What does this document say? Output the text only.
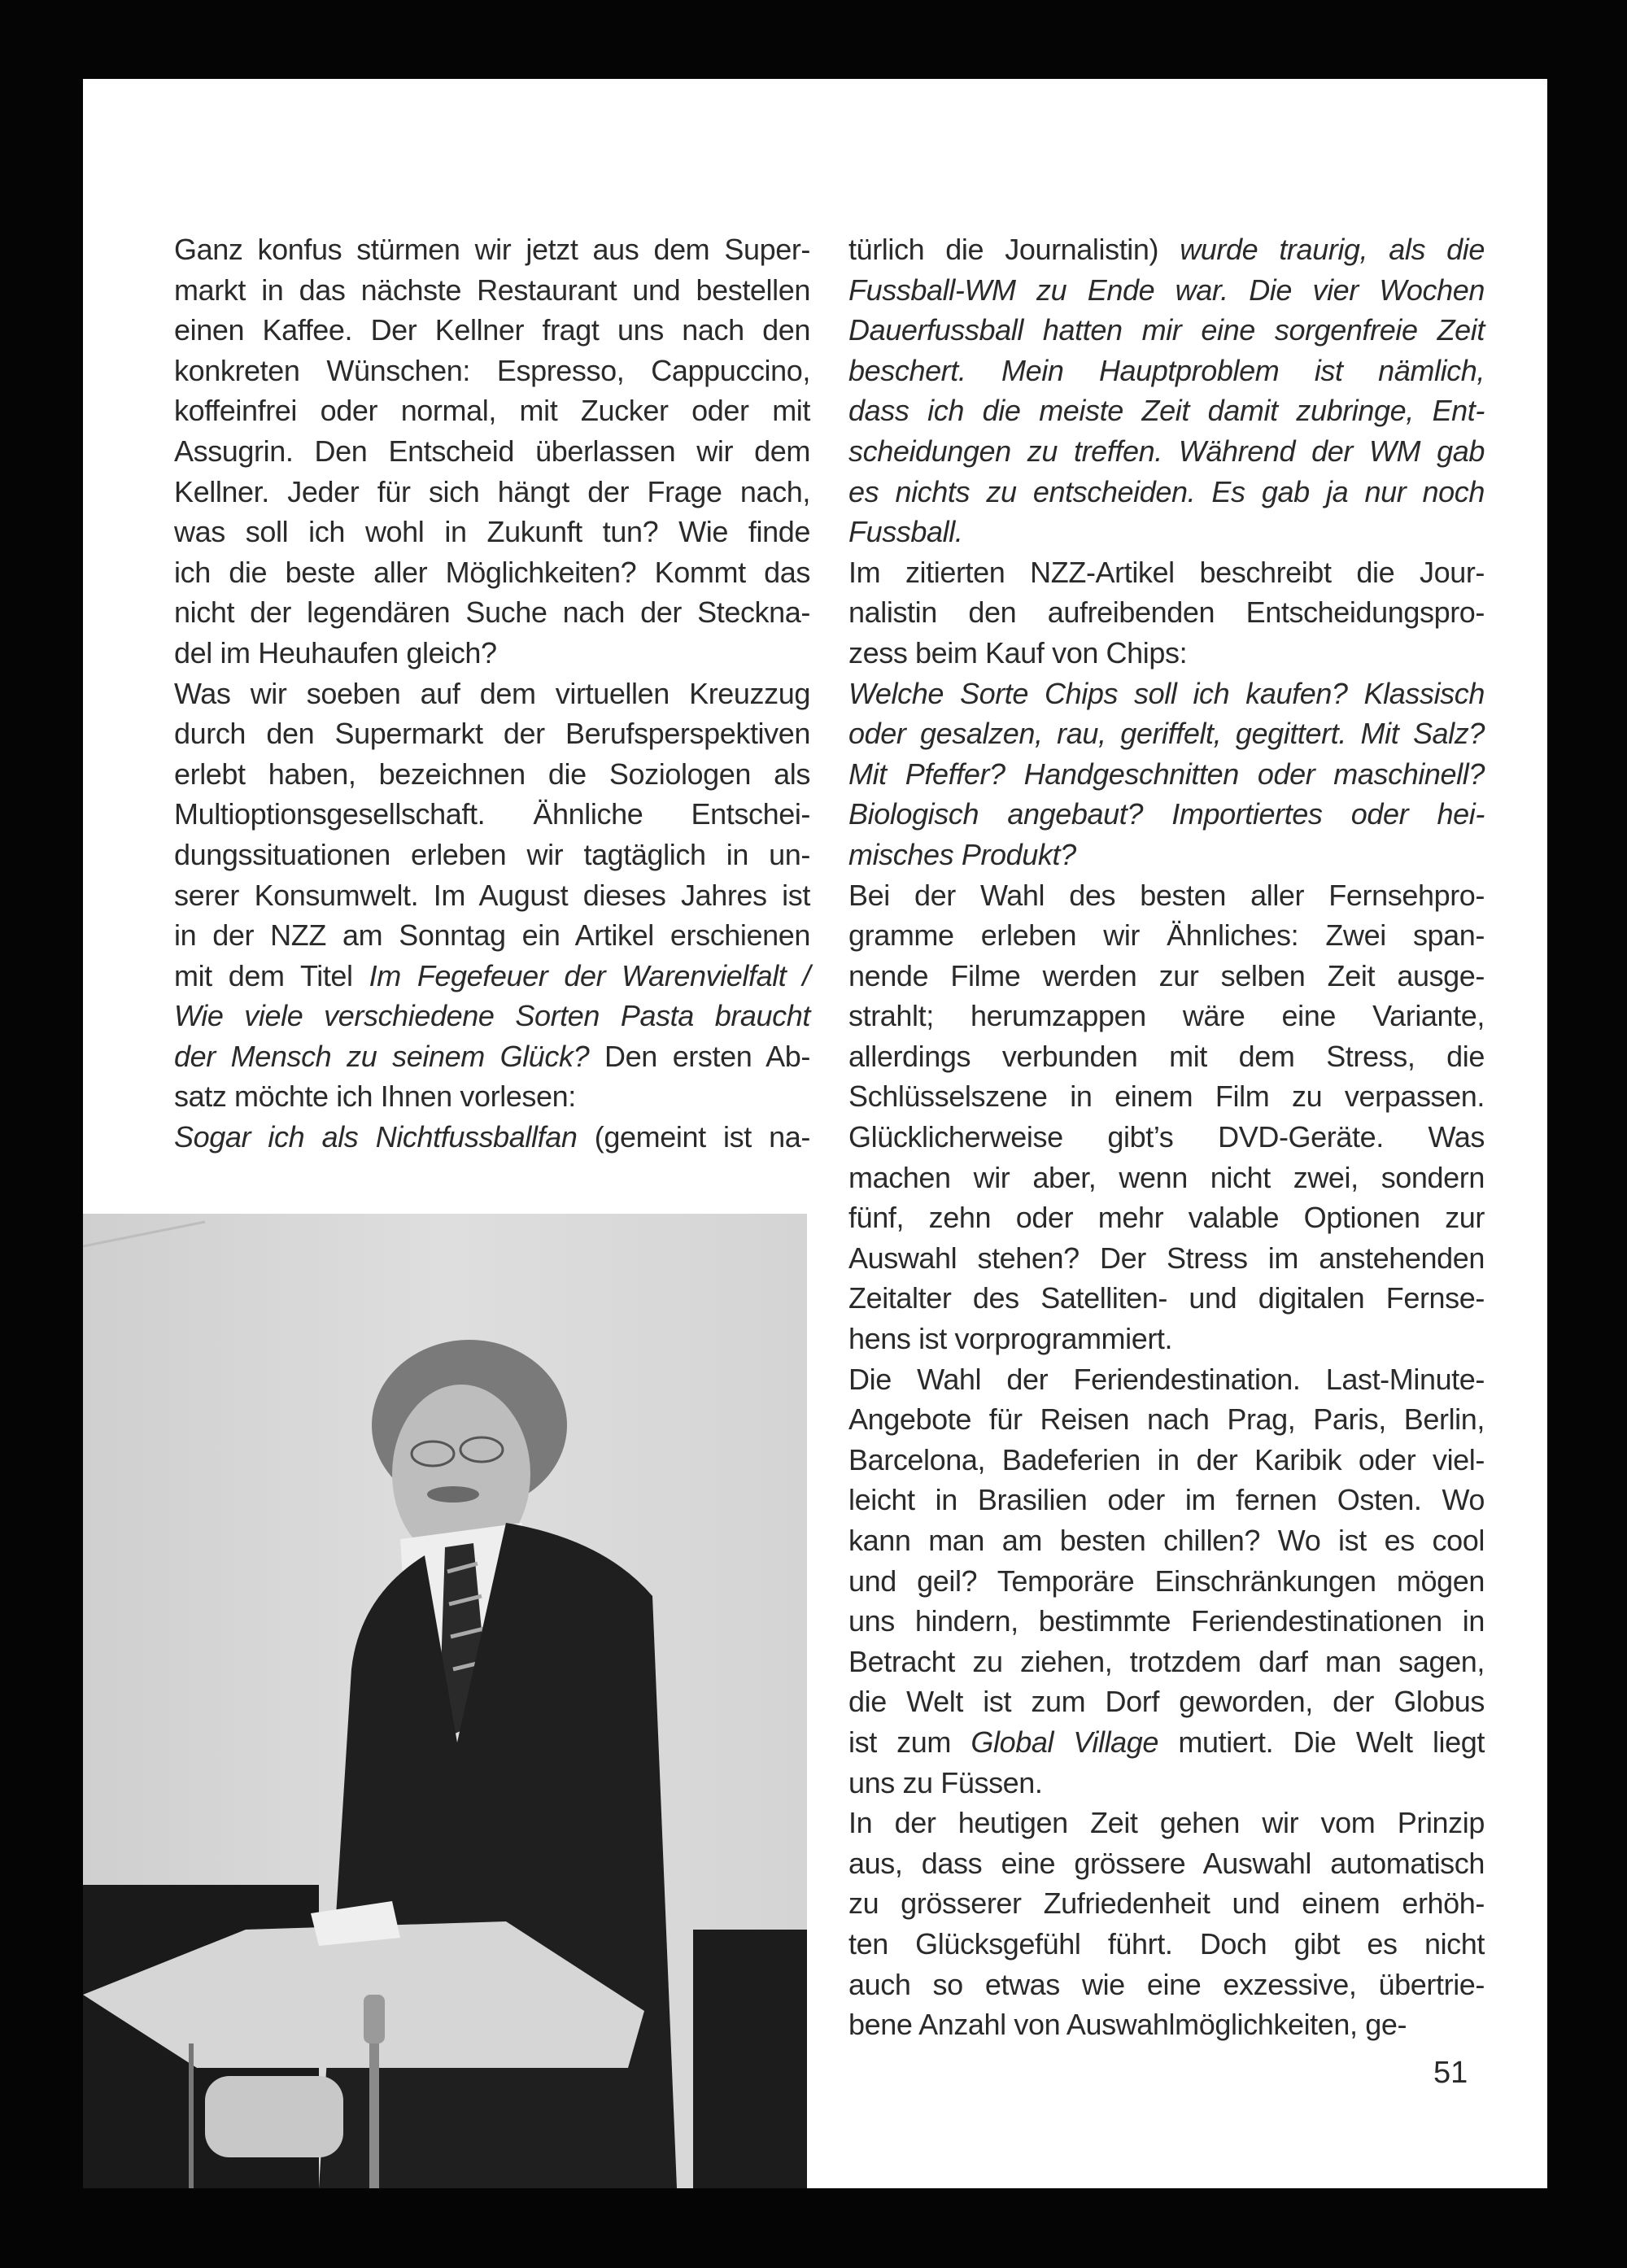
Ganz konfus stürmen wir jetzt aus dem Super-
markt in das nächste Restaurant und bestellen
einen Kaffee. Der Kellner fragt uns nach den
konkreten Wünschen: Espresso, Cappuccino,
koffeinfrei oder normal, mit Zucker oder mit
Assugrin. Den Entscheid überlassen wir dem
Kellner. Jeder für sich hängt der Frage nach,
was soll ich wohl in Zukunft tun? Wie finde
ich die beste aller Möglichkeiten? Kommt das
nicht der legendären Suche nach der Steckna-
del im Heuhaufen gleich?
Was wir soeben auf dem virtuellen Kreuzzug
durch den Supermarkt der Berufsperspektiven
erlebt haben, bezeichnen die Soziologen als
Multioptionsgesellschaft. Ähnliche Entschei-
dungssituationen erleben wir tagtäglich in un-
serer Konsumwelt. Im August dieses Jahres ist
in der NZZ am Sonntag ein Artikel erschienen
mit dem Titel Im Fegefeuer der Warenvielfalt /
Wie viele verschiedene Sorten Pasta braucht
der Mensch zu seinem Glück? Den ersten Ab-
satz möchte ich Ihnen vorlesen:
Sogar ich als Nichtfussballfan (gemeint ist na-
türlich die Journalistin) wurde traurig, als die
Fussball-WM zu Ende war. Die vier Wochen
Dauerfussball hatten mir eine sorgenfreie Zeit
beschert. Mein Hauptproblem ist nämlich,
dass ich die meiste Zeit damit zubringe, Ent-
scheidungen zu treffen. Während der WM gab
es nichts zu entscheiden. Es gab ja nur noch
Fussball.
Im zitierten NZZ-Artikel beschreibt die Jour-
nalistin den aufreibenden Entscheidungspro-
zess beim Kauf von Chips:
Welche Sorte Chips soll ich kaufen? Klassisch
oder gesalzen, rau, geriffelt, gegittert. Mit Salz?
Mit Pfeffer? Handgeschnitten oder maschinell?
Biologisch angebaut? Importiertes oder hei-
misches Produkt?
Bei der Wahl des besten aller Fernsehpro-
gramme erleben wir Ähnliches: Zwei span-
nende Filme werden zur selben Zeit ausge-
strahlt; herumzappen wäre eine Variante,
allerdings verbunden mit dem Stress, die
Schlüsselszene in einem Film zu verpassen.
Glücklicherweise gibt’s DVD-Geräte. Was
machen wir aber, wenn nicht zwei, sondern
fünf, zehn oder mehr valable Optionen zur
Auswahl stehen? Der Stress im anstehenden
Zeitalter des Satelliten- und digitalen Fernse-
hens ist vorprogrammiert.
Die Wahl der Feriendestination. Last-Minute-
Angebote für Reisen nach Prag, Paris, Berlin,
Barcelona, Badeferien in der Karibik oder viel-
leicht in Brasilien oder im fernen Osten. Wo
kann man am besten chillen? Wo ist es cool
und geil? Temporäre Einschränkungen mögen
uns hindern, bestimmte Feriendestinationen in
Betracht zu ziehen, trotzdem darf man sagen,
die Welt ist zum Dorf geworden, der Globus
ist zum Global Village mutiert. Die Welt liegt
uns zu Füssen.
In der heutigen Zeit gehen wir vom Prinzip
aus, dass eine grössere Auswahl automatisch
zu grösserer Zufriedenheit und einem erhöh-
ten Glücksgefühl führt. Doch gibt es nicht
auch so etwas wie eine exzessive, übertrie-
bene Anzahl von Auswahlmöglichkeiten, ge-
51
